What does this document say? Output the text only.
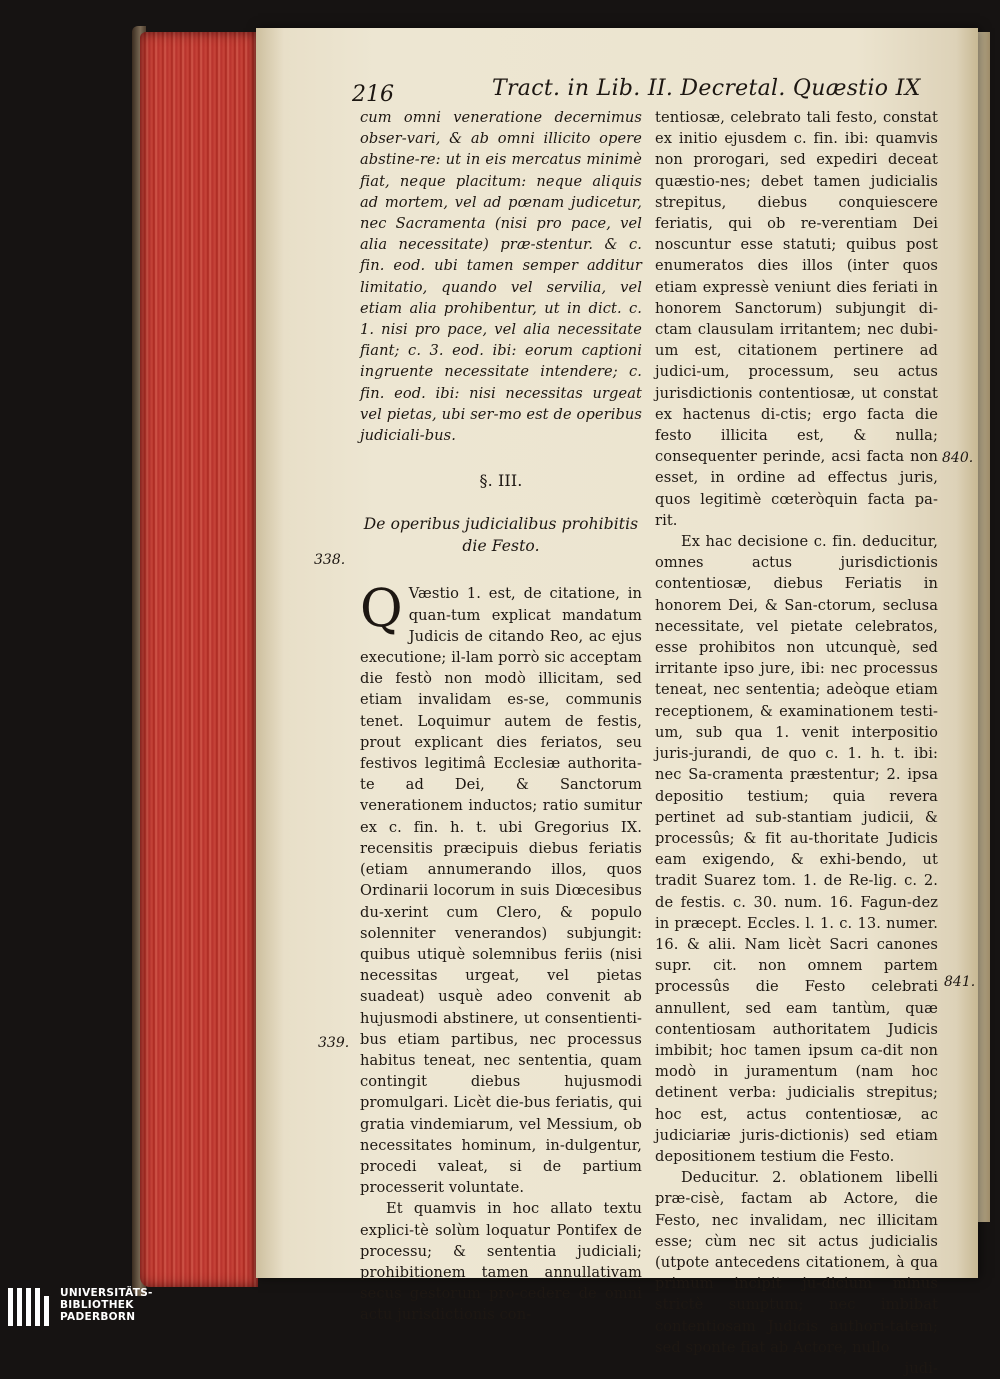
216	Tract. in Lib. II. Decretal. Quæstio IX
338.
339.
840.
841.

cum omni veneratione decernimus obser-vari, & ab omni illicito opere abstine-re: ut in eis mercatus minimè fiat, neque placitum: neque aliquis ad mortem, vel ad pœnam judicetur, nec Sacramenta (nisi pro pace, vel alia necessitate) præ-stentur. & c. fin. eod. ubi tamen semper additur limitatio, quando vel servilia, vel etiam alia prohibentur, ut in dict. c. 1. nisi pro pace, vel alia necessitate fiant; c. 3. eod. ibi: eorum captioni ingruente necessitate intendere; c. fin. eod. ibi: nisi necessitas urgeat vel pietas, ubi ser-mo est de operibus judiciali-bus.

§. III.
De operibus judicialibus prohibitis die Festo.

Q Væstio 1. est, de citatione, in quan-tum explicat mandatum Judicis de citando Reo, ac ejus executione; il-lam porrò sic acceptam die festò non modò illicitam, sed etiam invalidam es-se, communis tenet. Loquimur autem de festis, prout explicant dies feriatos, seu festivos legitimâ Ecclesiæ authorita-te ad Dei, & Sanctorum venerationem inductos; ratio sumitur ex c. fin. h. t. ubi Gregorius IX. recensitis præcipuis diebus feriatis (etiam annumerando illos, quos Ordinarii locorum in suis Diœcesibus du-xerint cum Clero, & populo solenniter venerandos) subjungit: quibus utiquè solemnibus feriis (nisi necessitas urgeat, vel pietas suadeat) usquè adeo convenit ab hujusmodi abstinere, ut consentienti-bus etiam partibus, nec processus habitus teneat, nec sententia, quam contingit diebus hujusmodi promulgari. Licèt die-bus feriatis, qui gratia vindemiarum, vel Messium, ob necessitates hominum, in-dulgentur, procedi valeat, si de partium processerit voluntate.

Et quamvis in hoc allato textu explici-tè solùm loquatur Pontifex de processu; & sententia judiciali; prohibitionem tamen annullativam secus gestorum pro-cedere de omni actu jurisdictionis con-

tentiosæ, celebrato tali festo, constat ex initio ejusdem c. fin. ibi: quamvis non prorogari, sed expediri deceat quæstio-nes; debet tamen judicialis strepitus, diebus conquiescere feriatis, qui ob re-verentiam Dei noscuntur esse statuti; quibus post enumeratos dies illos (inter quos etiam expressè veniunt dies feriati in honorem Sanctorum) subjungit di-ctam clausulam irritantem; nec dubi-um est, citationem pertinere ad judici-um, processum, seu actus jurisdictionis contentiosæ, ut constat ex hactenus di-ctis; ergo facta die festo illicita est, & nulla; consequenter perinde, acsi facta non esset, in ordine ad effectus juris, quos legitimè cœteròquin facta pa-rit.

Ex hac decisione c. fin. deducitur, omnes actus jurisdictionis contentiosæ, diebus Feriatis in honorem Dei, & San-ctorum, seclusa necessitate, vel pietate celebratos, esse prohibitos non utcunquè, sed irritante ipso jure, ibi: nec processus teneat, nec sententia; adeòque etiam receptionem, & examinationem testi-um, sub qua 1. venit interpositio juris-jurandi, de quo c. 1. h. t. ibi: nec Sa-cramenta præstentur; 2. ipsa depositio testium; quia revera pertinet ad sub-stantiam judicii, & processûs; & fit au-thoritate Judicis eam exigendo, & exhi-bendo, ut tradit Suarez tom. 1. de Re-lig. c. 2. de festis. c. 30. num. 16. Fagun-dez in præcept. Eccles. l. 1. c. 13. numer. 16. & alii. Nam licèt Sacri canones supr. cit. non omnem partem processûs die Festo celebrati annullent, sed eam tantùm, quæ contentiosam authoritatem Judicis imbibit; hoc tamen ipsum ca-dit non modò in juramentum (nam hoc detinent verba: judicialis strepitus; hoc est, actus contentiosæ, ac judiciariæ juris-dictionis) sed etiam depositionem testium die Festo.

Deducitur. 2. oblationem libelli præ-cisè, factam ab Actore, die Festo, nec invalidam, nec illicitam esse; cùm nec sit actus judicialis (utpote antecedens citationem, à qua primum incipit ju-dicium minus strictè sumptum; nec imbibat contentiosam Judicis authori-tatem; sed sponte fiat ab Actore, nullo

judi-

UNIVERSITÄTS-
BIBLIOTHEK
PADERBORN
